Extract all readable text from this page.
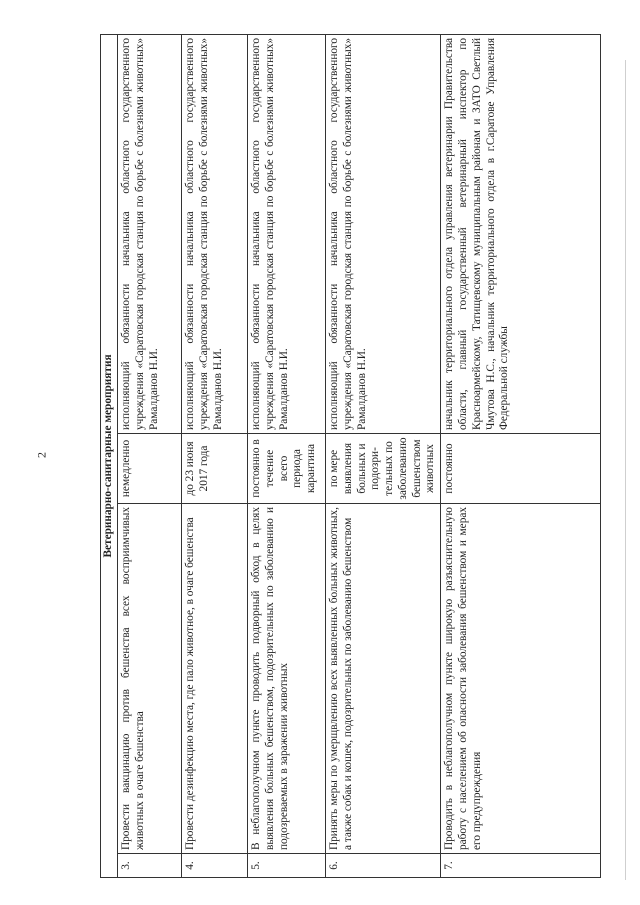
2	Ветеринарно-санитарные мероприятия			
3.	Провести вакцинацию против бешенства всех восприимчивых животных в очаге бешенства	немедленно	исполняющий обязанности начальника областного государственного учреждения «Саратовская городская станция по борьбе с болезнями животных» Рамалданов Н.И.
4.	Провести дезинфекцию места, где пало животное, в очаге бешенства	до 23 июня 2017 года	исполняющий обязанности начальника областного государственного учреждения «Саратовская городская станция по борьбе с болезнями животных» Рамалданов Н.И.
5.	В неблагополучном пункте проводить подворный обход в целях выявления больных бешенством, подозрительных по заболеванию и подозреваемых в заражении животных	постоянно в течение всего периода карантина	исполняющий обязанности начальника областного государственного учреждения «Саратовская городская станция по борьбе с болезнями животных» Рамалданов Н.И.
6.	Принять меры по умерщвлению всех выявленных больных животных, а также собак и кошек, подозрительных по заболеванию бешенством	по мере выявления больных и подозри-тельных по заболеванию бешенством животных	исполняющий обязанности начальника областного государственного учреждения «Саратовская городская станция по борьбе с болезнями животных» Рамалданов Н.И.
7.	Проводить в неблагополучном пункте широкую разъяснительную работу с населением об опасности заболевания бешенством и мерах его предупреждения	постоянно	начальник территориального отдела управления ветеринарии Правительства области, главный государственный ветеринарный инспектор по Красноармейскому, Татищевскому муниципальным районам и ЗАТО Светлый Чмутова Н.С., начальник территориального отдела в г.Саратове Управления Федеральной службы
